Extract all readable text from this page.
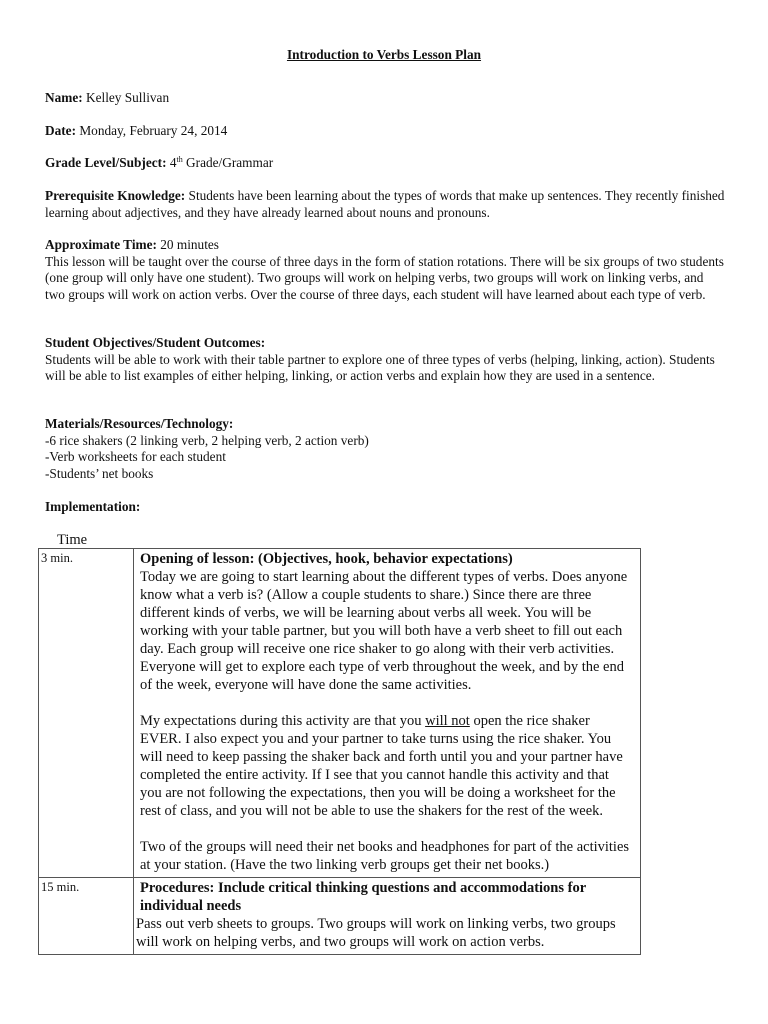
Introduction to Verbs Lesson Plan
Name: Kelley Sullivan
Date: Monday, February 24, 2014
Grade Level/Subject: 4th Grade/Grammar
Prerequisite Knowledge: Students have been learning about the types of words that make up sentences. They recently finished learning about adjectives, and they have already learned about nouns and pronouns.
Approximate Time: 20 minutes
This lesson will be taught over the course of three days in the form of station rotations. There will be six groups of two students (one group will only have one student). Two groups will work on helping verbs, two groups will work on linking verbs, and two groups will work on action verbs. Over the course of three days, each student will have learned about each type of verb.
Student Objectives/Student Outcomes:
Students will be able to work with their table partner to explore one of three types of verbs (helping, linking, action). Students will be able to list examples of either helping, linking, or action verbs and explain how they are used in a sentence.
Materials/Resources/Technology:
-6 rice shakers (2 linking verb, 2 helping verb, 2 action verb)
-Verb worksheets for each student
-Students’ net books
Implementation:
Time
3 min.	Opening of lesson: (Objectives, hook, behavior expectations)

Today we are going to start learning about the different types of verbs. Does anyone know what a verb is? (Allow a couple students to share.) Since there are three different kinds of verbs, we will be learning about verbs all week. You will be working with your table partner, but you will both have a verb sheet to fill out each day. Each group will receive one rice shaker to go along with their verb activities. Everyone will get to explore each type of verb throughout the week, and by the end of the week, everyone will have done the same activities.

My expectations during this activity are that you will not open the rice shaker EVER. I also expect you and your partner to take turns using the rice shaker. You will need to keep passing the shaker back and forth until you and your partner have completed the entire activity. If I see that you cannot handle this activity and that you are not following the expectations, then you will be doing a worksheet for the rest of class, and you will not be able to use the shakers for the rest of the week.

Two of the groups will need their net books and headphones for part of the activities at your station. (Have the two linking verb groups get their net books.)

15 min.	Procedures: Include critical thinking questions and accommodations for individual needs

Pass out verb sheets to groups. Two groups will work on linking verbs, two groups will work on helping verbs, and two groups will work on action verbs.
